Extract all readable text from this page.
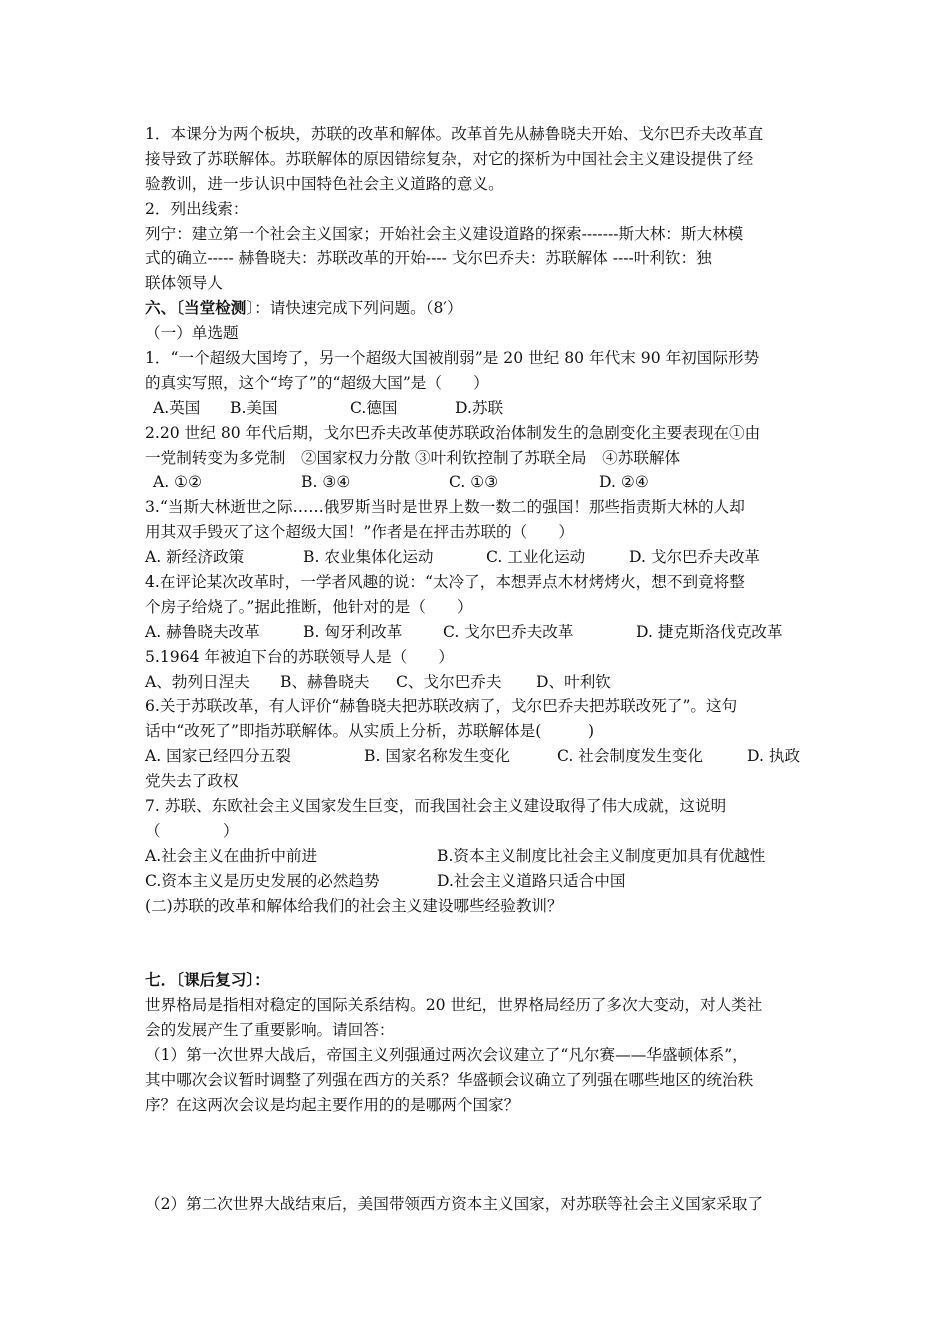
1．本课分为两个板块，苏联的改革和解体。改革首先从赫鲁晓夫开始、戈尔巴乔夫改革直
接导致了苏联解体。苏联解体的原因错综复杂，对它的探析为中国社会主义建设提供了经
验教训，进一步认识中国特色社会主义道路的意义。
2．列出线索：
列宁：建立第一个社会主义国家；开始社会主义建设道路的探索-------斯大林：斯大林模
式的确立----- 赫鲁晓夫：苏联改革的开始---- 戈尔巴乔夫：苏联解体 ----叶利钦：独
联体领导人
六、〔当堂检测〕：请快速完成下列问题。（8′）
（一）单选题
1．“一个超级大国垮了，另一个超级大国被削弱”是 20 世纪 80 年代末 90 年初国际形势
的真实写照，这个“垮了”的“超级大国”是（　　）
A.英国 B.美国	C.德国	D.苏联
2.20 世纪 80 年代后期，戈尔巴乔夫改革使苏联政治体制发生的急剧变化主要表现在①由
一党制转变为多党制　②国家权力分散 ③叶利钦控制了苏联全局　④苏联解体
A. ①②	B. ③④	C. ①③	D. ②④
3.“当斯大林逝世之际……俄罗斯当时是世界上数一数二的强国！那些指责斯大林的人却
用其双手毁灭了这个超级大国！”作者是在抨击苏联的（　　）
A. 新经济政策	B. 农业集体化运动	C. 工业化运动	D. 戈尔巴乔夫改革
4.在评论某次改革时，一学者风趣的说：“太冷了，本想弄点木材烤烤火，想不到竟将整
个房子给烧了。”据此推断，他针对的是（　　）
A. 赫鲁晓夫改革	B. 匈牙利改革	C. 戈尔巴乔夫改革	D. 捷克斯洛伐克改革
5.1964 年被迫下台的苏联领导人是（　　）
A、勃列日涅夫 B、赫鲁晓夫 C、戈尔巴乔夫 D、叶利钦
6.关于苏联改革，有人评价“赫鲁晓夫把苏联改病了，戈尔巴乔夫把苏联改死了”。这句
话中“改死了”即指苏联解体。从实质上分析，苏联解体是(　　　)
A. 国家已经四分五裂	B. 国家名称发生变化	C. 社会制度发生变化	D. 执政
党失去了政权
7. 苏联、东欧社会主义国家发生巨变，而我国社会主义建设取得了伟大成就，这说明
（　　　　）
A.社会主义在曲折中前进	B.资本主义制度比社会主义制度更加具有优越性
C.资本主义是历史发展的必然趋势	D.社会主义道路只适合中国
(二)苏联的改革和解体给我们的社会主义建设哪些经验教训？
七．〔课后复习〕：
世界格局是指相对稳定的国际关系结构。20 世纪，世界格局经历了多次大变动，对人类社
会的发展产生了重要影响。请回答：
（1）第一次世界大战后，帝国主义列强通过两次会议建立了“凡尔赛——华盛顿体系”，
其中哪次会议暂时调整了列强在西方的关系？华盛顿会议确立了列强在哪些地区的统治秩
序？在这两次会议是均起主要作用的的是哪两个国家？
（2）第二次世界大战结束后，美国带领西方资本主义国家，对苏联等社会主义国家采取了
